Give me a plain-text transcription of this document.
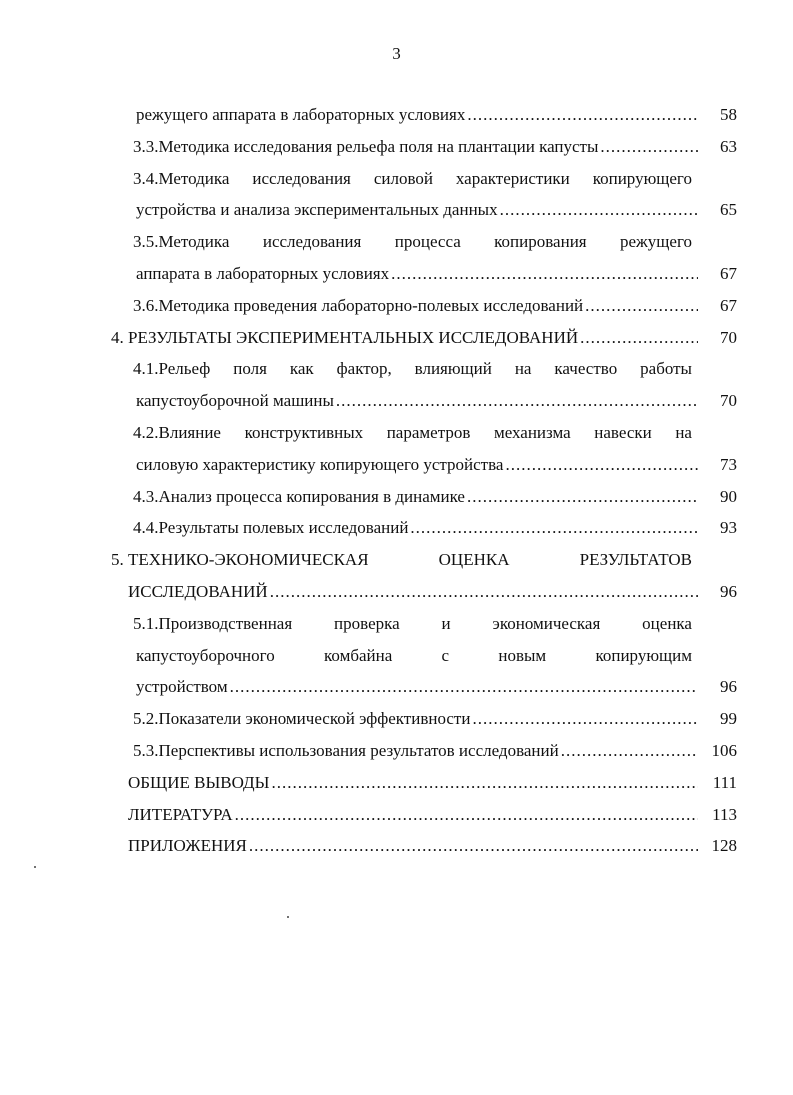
3
режущего аппарата в лабораторных условиях .....	58
3.3.Методика исследования рельефа поля на плантации капусты .....	63
3.4.Методика исследования силовой характеристики копирующего
устройства и анализа экспериментальных данных .....	65
3.5.Методика исследования процесса копирования режущего
аппарата в лабораторных условиях .....	67
3.6.Методика проведения лабораторно-полевых исследований .....	67
4. РЕЗУЛЬТАТЫ ЭКСПЕРИМЕНТАЛЬНЫХ ИССЛЕДОВАНИЙ .....	70
4.1.Рельеф поля как фактор, влияющий на качество работы
капустоуборочной машины .....	70
4.2.Влияние конструктивных параметров механизма навески на
силовую характеристику копирующего устройства .....	73
4.3.Анализ процесса копирования в динамике .....	90
4.4.Результаты полевых исследований .....	93
5. ТЕХНИКО-ЭКОНОМИЧЕСКАЯ	ОЦЕНКА	РЕЗУЛЬТАТОВ
ИССЛЕДОВАНИЙ .....	96
5.1.Производственная проверка и экономическая оценка
капустоуборочного	комбайна	с	новым	копирующим
устройством .....	96
5.2.Показатели экономической эффективности .....	99
5.3.Перспективы использования результатов исследований .....	106
ОБЩИЕ ВЫВОДЫ .....	111
ЛИТЕРАТУРА .....	113
ПРИЛОЖЕНИЯ .....	128
